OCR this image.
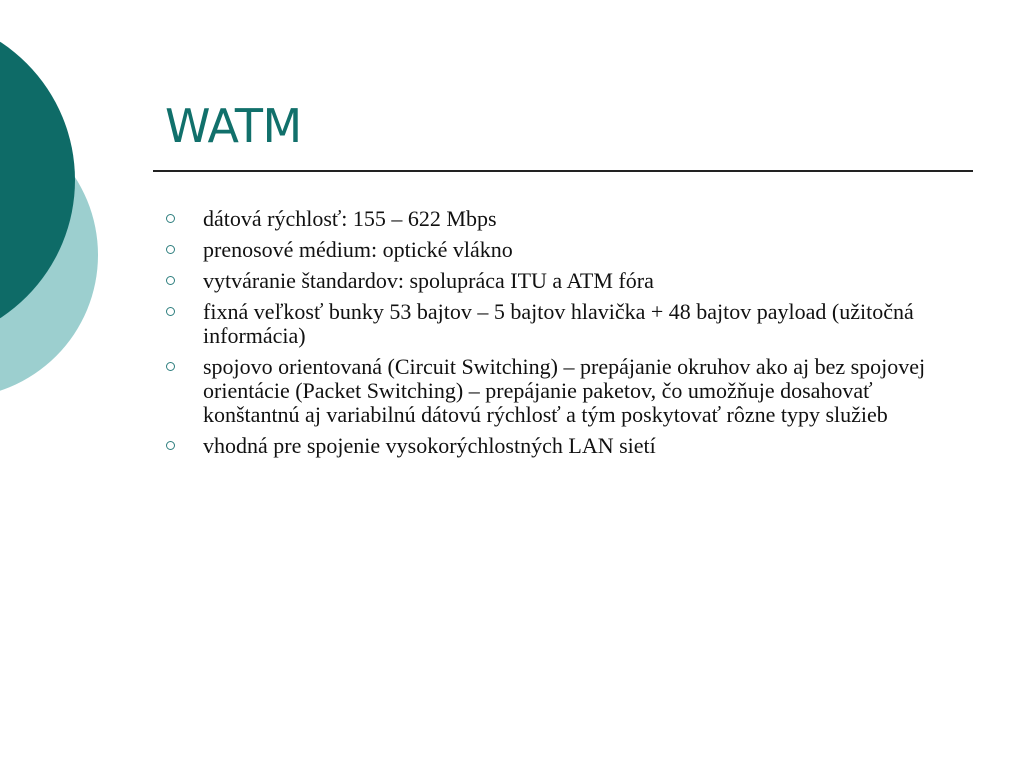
WATM
dátová rýchlosť: 155 – 622 Mbps
prenosové médium: optické vlákno
vytváranie štandardov: spolupráca ITU a ATM fóra
fixná veľkosť bunky 53 bajtov – 5 bajtov hlavička + 48 bajtov payload (užitočná informácia)
spojovo orientovaná (Circuit Switching) – prepájanie okruhov ako aj bez spojovej orientácie (Packet Switching) – prepájanie paketov, čo umožňuje dosahovať konštantnú aj variabilnú dátovú rýchlosť a tým poskytovať rôzne typy služieb
vhodná pre spojenie vysokorýchlostných LAN sietí
